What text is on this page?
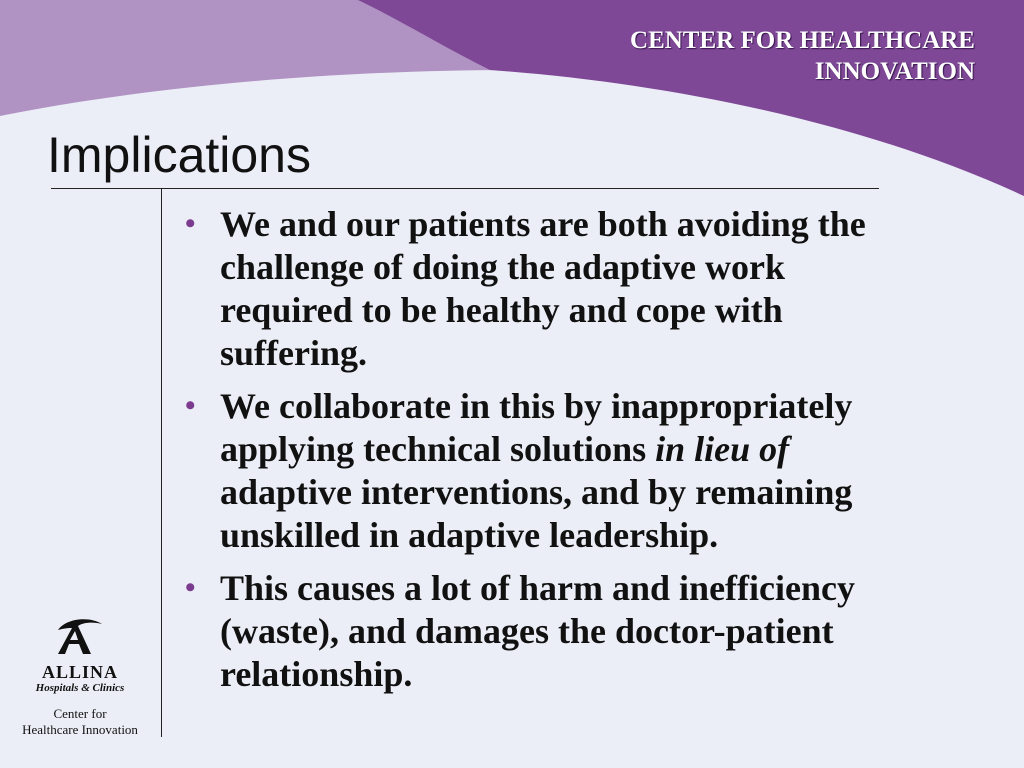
CENTER FOR HEALTHCARE
INNOVATION
Implications
• We and our patients are both avoiding the challenge of doing the adaptive work required to be healthy and cope with suffering.
• We collaborate in this by inappropriately applying technical solutions in lieu of adaptive interventions, and by remaining unskilled in adaptive leadership.
• This causes a lot of harm and inefficiency (waste), and damages the doctor-patient relationship.
ALLINA
Hospitals & Clinics
Center for
Healthcare Innovation
